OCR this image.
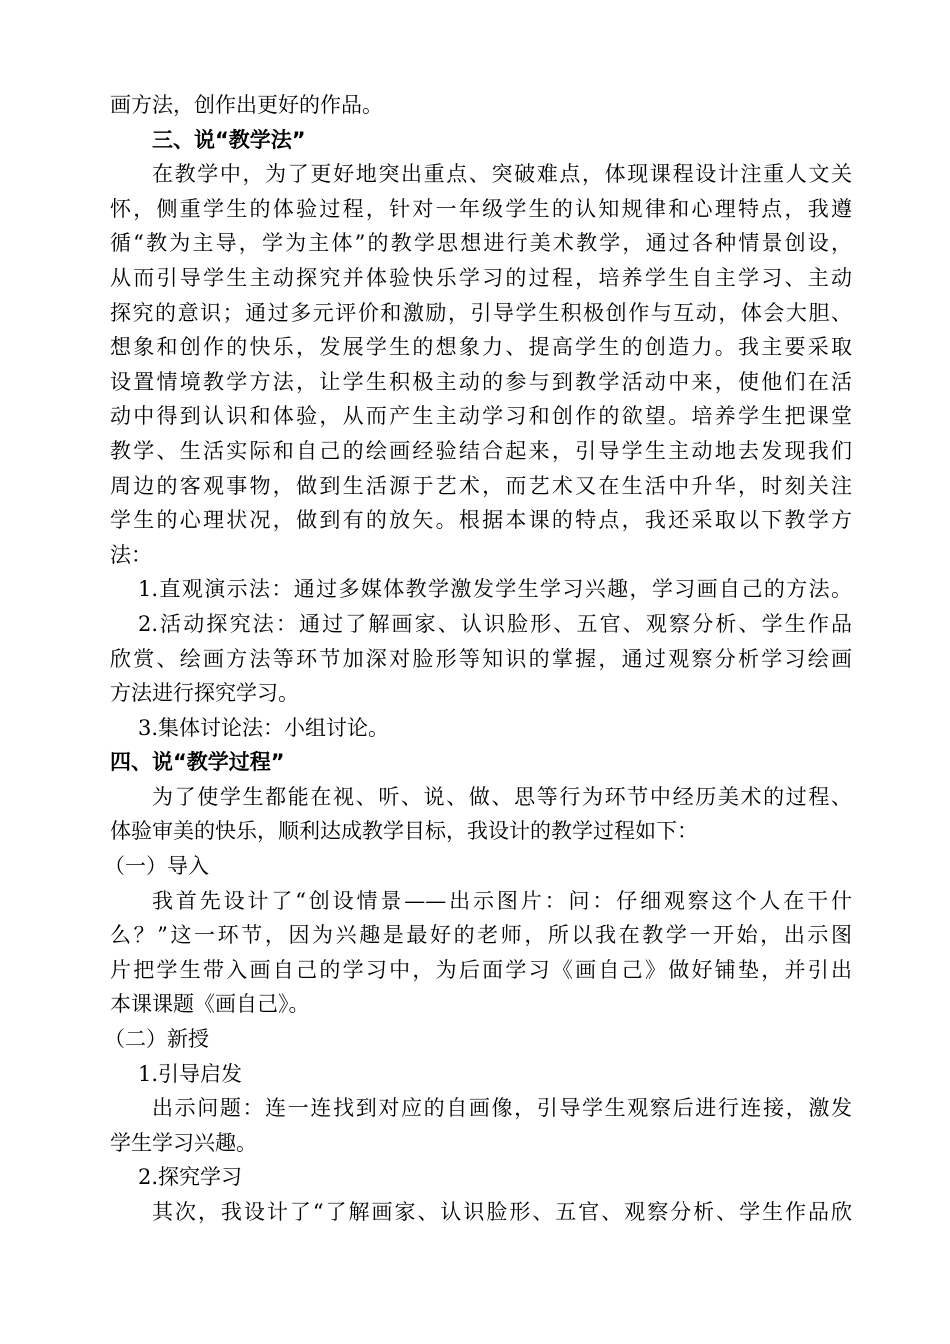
画方法，创作出更好的作品。
三、说“教学法”
在教学中，为了更好地突出重点、突破难点，体现课程设计注重人文关
怀，侧重学生的体验过程，针对一年级学生的认知规律和心理特点，我遵
循“教为主导，学为主体”的教学思想进行美术教学，通过各种情景创设，
从而引导学生主动探究并体验快乐学习的过程，培养学生自主学习、主动
探究的意识；通过多元评价和激励，引导学生积极创作与互动，体会大胆、
想象和创作的快乐，发展学生的想象力、提高学生的创造力。我主要采取
设置情境教学方法，让学生积极主动的参与到教学活动中来，使他们在活
动中得到认识和体验，从而产生主动学习和创作的欲望。培养学生把课堂
教学、生活实际和自己的绘画经验结合起来，引导学生主动地去发现我们
周边的客观事物，做到生活源于艺术，而艺术又在生活中升华，时刻关注
学生的心理状况，做到有的放矢。根据本课的特点，我还采取以下教学方
法：
1.直观演示法：通过多媒体教学激发学生学习兴趣，学习画自己的方法。
2.活动探究法：通过了解画家、认识脸形、五官、观察分析、学生作品
欣赏、绘画方法等环节加深对脸形等知识的掌握，通过观察分析学习绘画
方法进行探究学习。
3.集体讨论法：小组讨论。
四、说“教学过程”
为了使学生都能在视、听、说、做、思等行为环节中经历美术的过程、
体验审美的快乐，顺利达成教学目标，我设计的教学过程如下：
（一）导入
我首先设计了“创设情景——出示图片：问：仔细观察这个人在干什
么？”这一环节，因为兴趣是最好的老师，所以我在教学一开始，出示图
片把学生带入画自己的学习中，为后面学习《画自己》做好铺垫，并引出
本课课题《画自己》。
（二）新授
1.引导启发
出示问题：连一连找到对应的自画像，引导学生观察后进行连接，激发
学生学习兴趣。
2.探究学习
其次，我设计了“了解画家、认识脸形、五官、观察分析、学生作品欣
